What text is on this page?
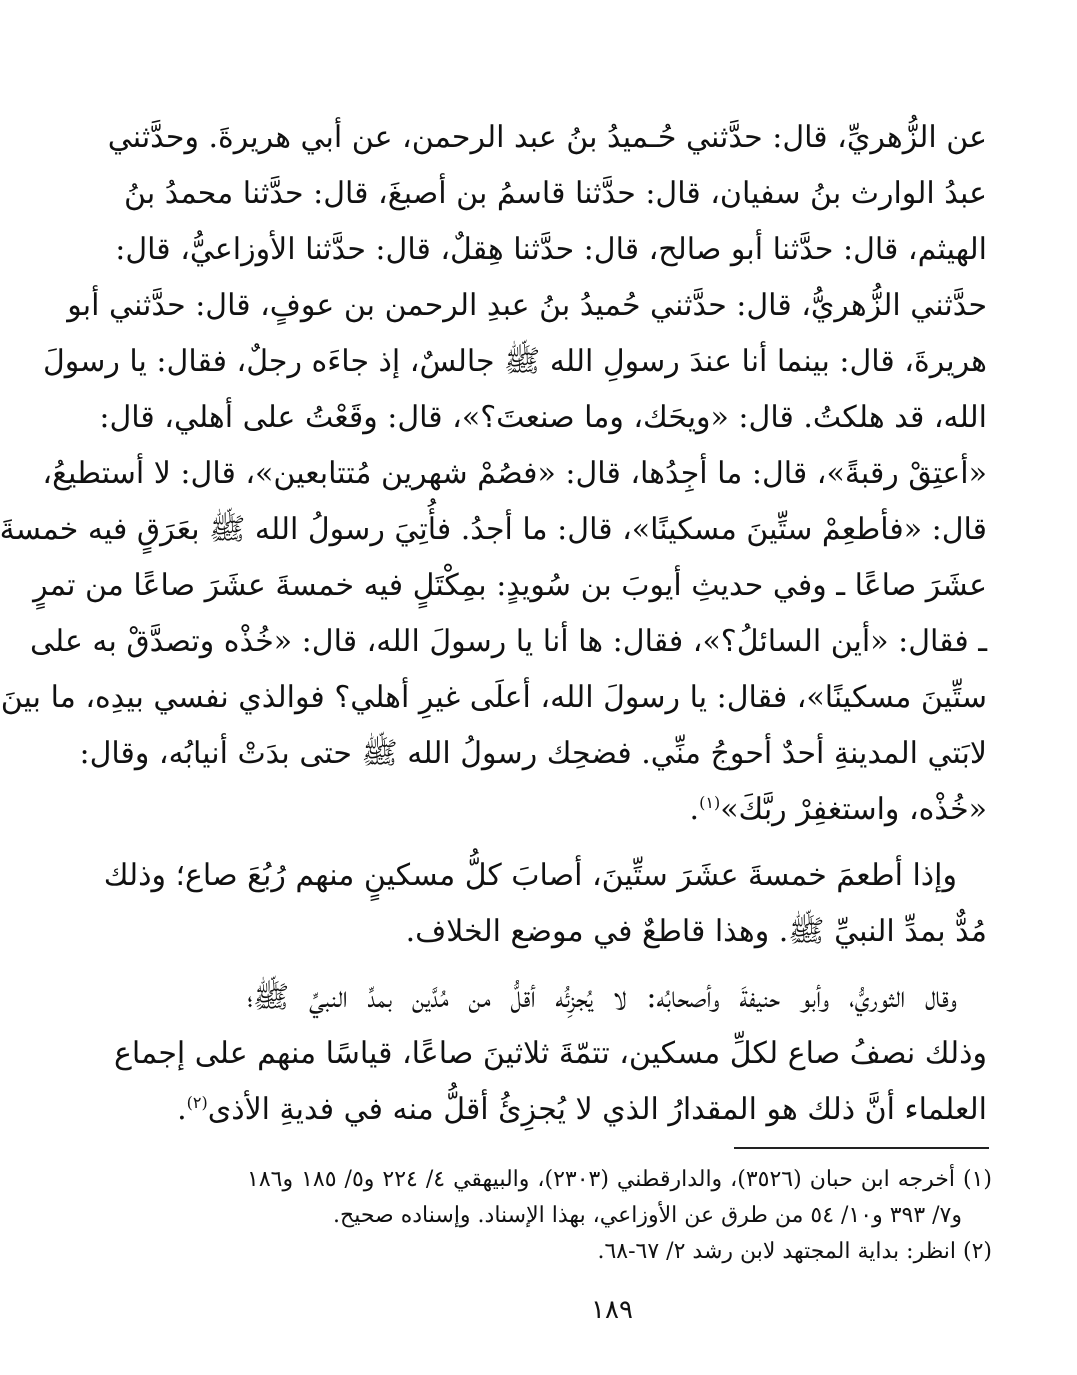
عن الزُّهريِّ، قال: حدَّثني حُـميدُ بنُ عبد الرحمن، عن أبي هريرةَ. وحدَّثني
عبدُ الوارث بنُ سفيان، قال: حدَّثنا قاسمُ بن أصبغَ، قال: حدَّثنا محمدُ بنُ
الهيثم، قال: حدَّثنا أبو صالح، قال: حدَّثنا هِقلٌ، قال: حدَّثنا الأوزاعيُّ، قال:
حدَّثني الزُّهريُّ، قال: حدَّثني حُميدُ بنُ عبدِ الرحمن بن عوفٍ، قال: حدَّثني أبو
هريرةَ، قال: بينما أنا عندَ رسولِ الله ﷺ جالسٌ، إذ جاءَه رجلٌ، فقال: يا رسولَ
الله، قد هلكتُ. قال: «ويحَك، وما صنعتَ؟»، قال: وقَعْتُ على أهلي، قال:
«أعتِقْ رقبةً»، قال: ما أجِدُها، قال: «فصُمْ شهرين مُتتابعين»، قال: لا أستطيعُ،
قال: «فأطعِمْ ستِّينَ مسكينًا»، قال: ما أجدُ. فأُتِيَ رسولُ الله ﷺ بعَرَقٍ فيه خمسةَ
عشَرَ صاعًا ـ وفي حديثِ أيوبَ بن سُويدٍ: بمِكْتَلٍ فيه خمسةَ عشَرَ صاعًا من تمرٍ
ـ فقال: «أين السائلُ؟»، فقال: ها أنا يا رسولَ الله، قال: «خُذْه وتصدَّقْ به على
ستِّينَ مسكينًا»، فقال: يا رسولَ الله، أعلَى غيرِ أهلي؟ فوالذي نفسي بيدِه، ما بينَ
لابَتي المدينةِ أحدٌ أحوجُ منِّي. فضحِك رسولُ الله ﷺ حتى بدَتْ أنيابُه، وقال:
«خُذْه، واستغفِرْ ربَّكَ»$^{(١)}$.
وإذا أطعمَ خمسةَ عشَرَ ستِّينَ، أصابَ كلُّ مسكينٍ منهم رُبُعَ صاع؛ وذلك
مُدٌّ بمدِّ النبيِّ ﷺ. وهذا قاطعٌ في موضع الخلاف.
وقال الثوريُّ، وأبو حنيفةَ وأصحابُه: لا يُجزِئُه أقلُّ من مُدَّين بمدِّ النبيِّ ﷺ؛
وذلك نصفُ صاع لكلِّ مسكين، تتمّةَ ثلاثينَ صاعًا، قياسًا منهم على إجماع
العلماء أنَّ ذلك هو المقدارُ الذي لا يُجزِئُ أقلُّ منه في فديةِ الأذى$^{(٢)}$.
(١) أخرجه ابن حبان (٣٥٢٦)، والدارقطني (٢٣٠٣)، والبيهقي ٤/ ٢٢٤ و٥/ ١٨٥ و١٨٦
و٧/ ٣٩٣ و١٠/ ٥٤ من طرق عن الأوزاعي، بهذا الإسناد. وإسناده صحيح.
(٢) انظر: بداية المجتهد لابن رشد ٢/ ٦٧-٦٨.
١٨٩
